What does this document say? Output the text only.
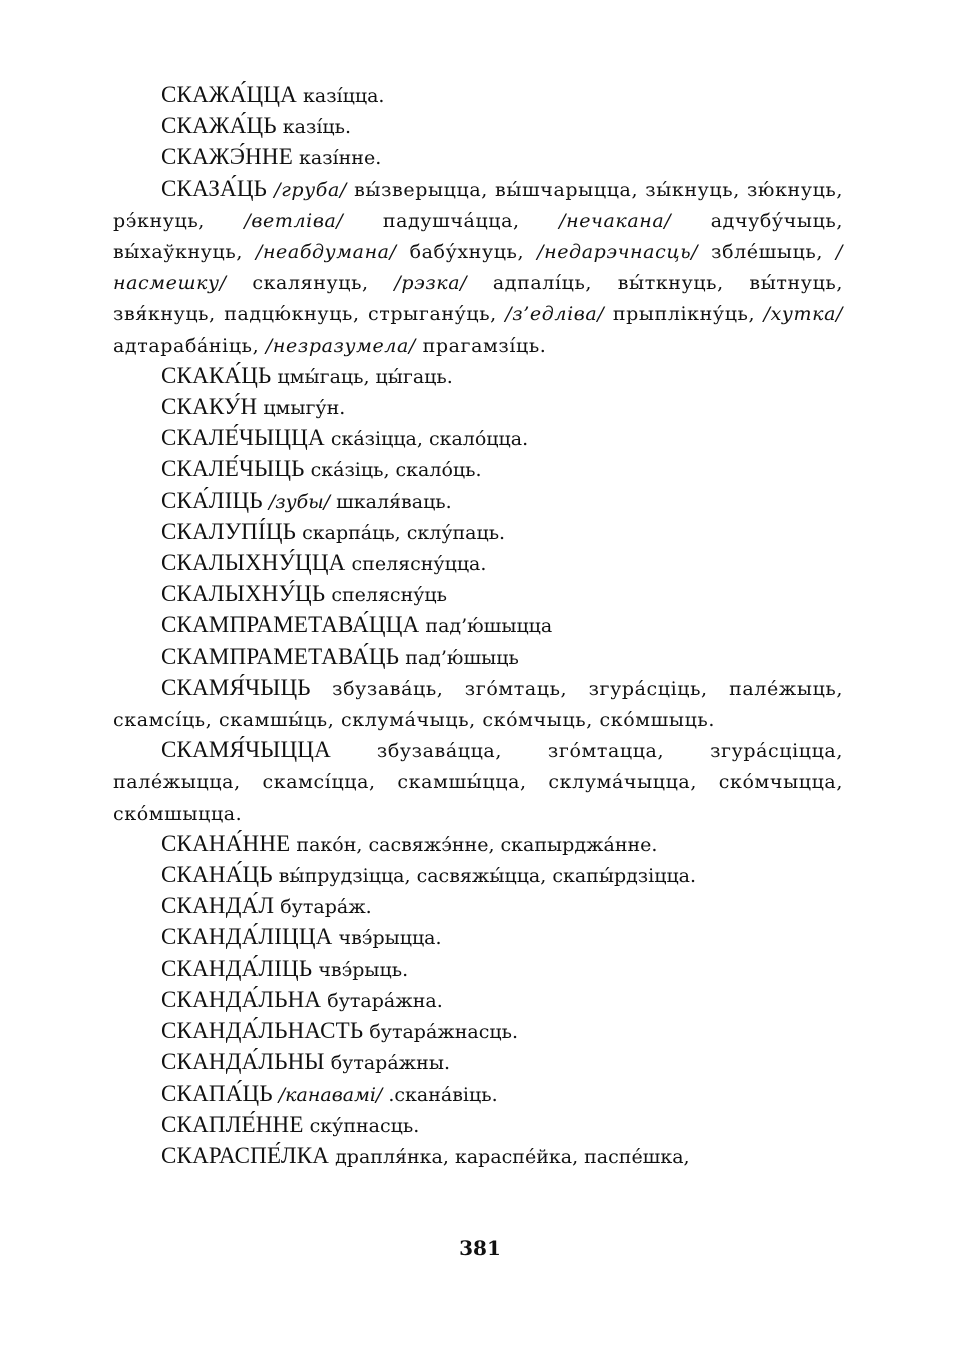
СКАЖА́ЦЦА казі́цца.

СКАЖА́ЦЬ казі́ць.

СКАЖЭ́ННЕ казі́нне.

СКАЗА́ЦЬ /груба/ вы́зверыцца, вы́шчарыцца, зы́кнуць, зю́кнуць, рэ́кнуць, /ветліва/ падушча́цца, /нечакана/ адчубу́чыць, вы́хаўкнуць, /неабдумана/ бабу́хнуць, /недарэчнасць/ збле́шыць, /насмешку/ скалянуць, /рэзка/ адпалі́ць, вы́ткнуць, вы́тнуць, звя́кнуць, падцю́кнуць, стрыгану́ць, /з’едліва/ прыплікну́ць, /хутка/ адтараба́ніць, /незразумела/ прагамзі́ць.

СКАКА́ЦЬ цмы́гаць, цы́гаць.

СКАКУ́Н цмыгу́н.

СКАЛЕ́ЧЫЦЦА ска́зіцца, скало́цца.

СКАЛЕ́ЧЫЦЬ ска́зіць, скало́ць.

СКА́ЛІЦЬ /зубы/ шкаля́ваць.

СКАЛУПІ́ЦЬ скарпа́ць, склу́паць.

СКАЛЫХНУ́ЦЦА спелясну́цца.

СКАЛЫХНУ́ЦЬ спелясну́ць

СКАМПРАМЕТАВА́ЦЦА пад’ю́шыцца

СКАМПРАМЕТАВА́ЦЬ пад’ю́шыць

СКАМЯ́ЧЫЦЬ збузава́ць, зго́мтаць, згура́сціць, пале́жыць, скамсі́ць, скамшы́ць, склума́чыць, ско́мчыць, ско́мшыць.

СКАМЯ́ЧЫЦЦА збузава́цца, зго́мтацца, згура́сціцца, пале́жыцца, скамсі́цца, скамшы́цца, склума́чыцца, ско́мчыцца, ско́мшыцца.

СКАНА́ННЕ пако́н, сасвяжэ́нне, скапырджа́нне.

СКАНА́ЦЬ вы́прудзіцца, сасвяжы́цца, скапы́рдзіцца.

СКАНДА́Л бутара́ж.

СКАНДА́ЛІЦЦА чвэ́рыцца.

СКАНДА́ЛІЦЬ чвэ́рыць.

СКАНДА́ЛЬНА бутара́жна.

СКАНДА́ЛЬНАСТЬ бутара́жнасць.

СКАНДА́ЛЬНЫ бутара́жны.

СКАПА́ЦЬ /канавамі/ .скана́віць.

СКАПЛЕ́ННЕ ску́пнасць.

СКАРАСПЕ́ЛКА драпля́нка, караспе́йка, паспе́шка,

381
